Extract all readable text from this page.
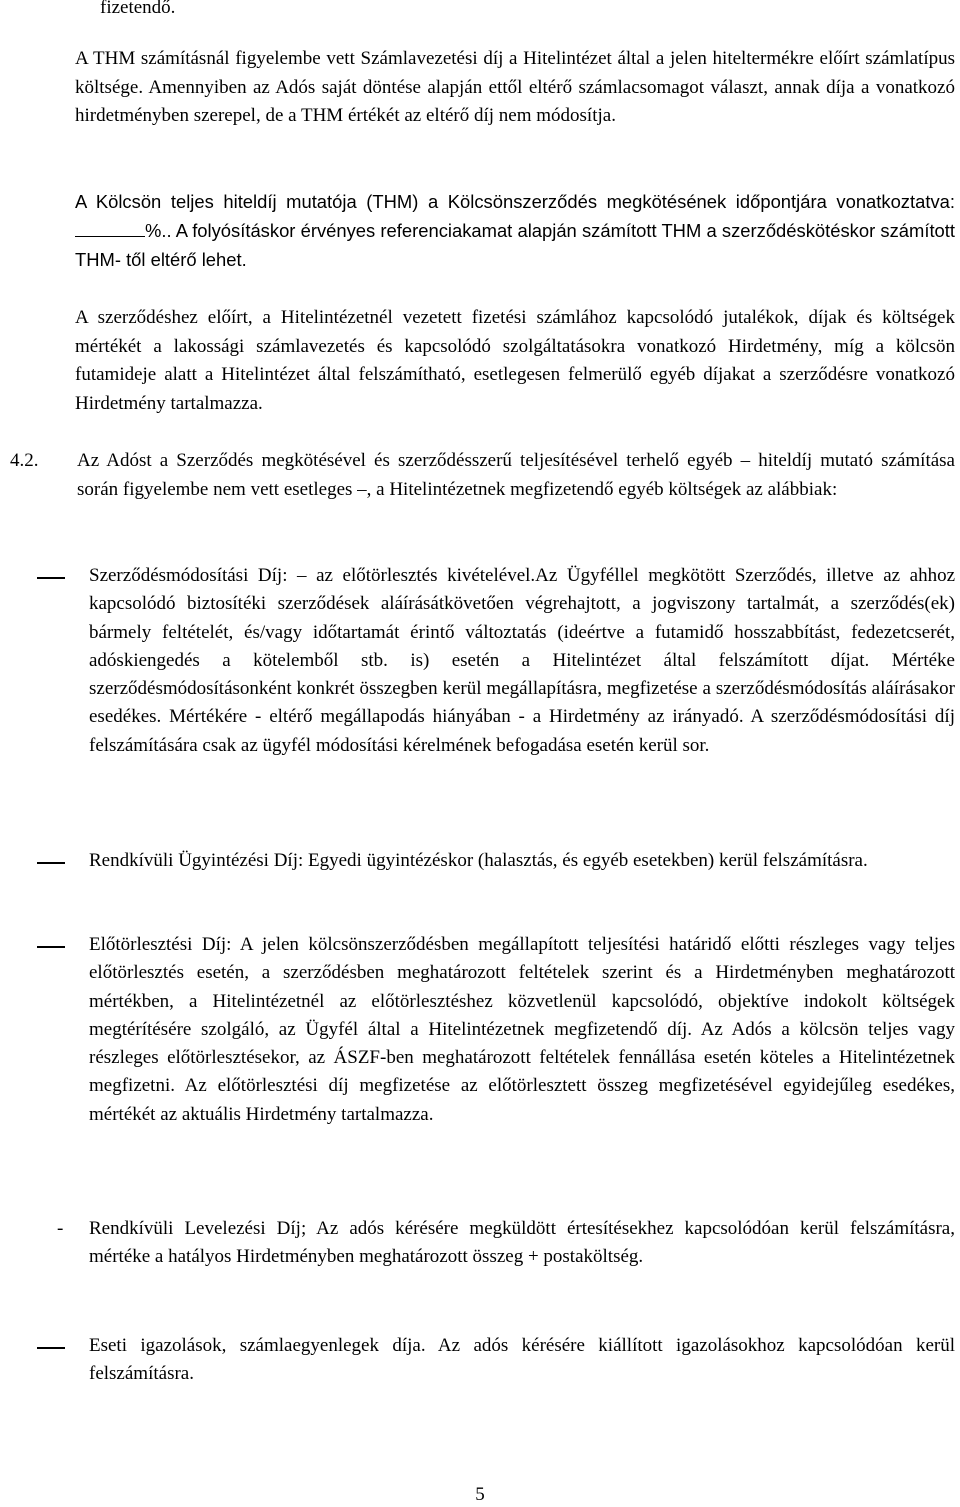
fizetendő.

A THM számításnál figyelembe vett Számlavezetési díj a Hitelintézet által a jelen hiteltermékre előírt számlatípus költsége. Amennyiben az Adós saját döntése alapján ettől eltérő számlacsomagot választ, annak díja a vonatkozó hirdetményben szerepel, de a THM értékét az eltérő díj nem módosítja.

A Kölcsön teljes hiteldíj mutatója (THM) a Kölcsönszerződés megkötésének időpontjára vonatkoztatva: %.. A folyósításkor érvényes referenciakamat alapján számított THM a szerződéskötéskor számított THM- től eltérő lehet.

A szerződéshez előírt, a Hitelintézetnél vezetett fizetési számlához kapcsolódó jutalékok, díjak és költségek mértékét a lakossági számlavezetés és kapcsolódó szolgáltatásokra vonatkozó Hirdetmény, míg a kölcsön futamideje alatt a Hitelintézet által felszámítható, esetlegesen felmerülő egyéb díjakat a szerződésre vonatkozó Hirdetmény tartalmazza.

4.2. Az Adóst a Szerződés megkötésével és szerződésszerű teljesítésével terhelő egyéb – hiteldíj mutató számítása során figyelembe nem vett esetleges –, a Hitelintézetnek megfizetendő egyéb költségek az alábbiak:

Szerződésmódosítási Díj: – az előtörlesztés kivételével.Az Ügyféllel megkötött Szerződés, illetve az ahhoz kapcsolódó biztosítéki szerződések aláírásátkövetően végrehajtott, a jogviszony tartalmát, a szerződés(ek) bármely feltételét, és/vagy időtartamát érintő változtatás (ideértve a futamidő hosszabbítást, fedezetcserét, adóskiengedés a kötelemből stb. is) esetén a Hitelintézet által felszámított díjat. Mértéke szerződésmódosításonként konkrét összegben kerül megállapításra, megfizetése a szerződésmódosítás aláírásakor esedékes. Mértékére - eltérő megállapodás hiányában - a Hirdetmény az irányadó. A szerződésmódosítási díj felszámítására csak az ügyfél módosítási kérelmének befogadása esetén kerül sor.

Rendkívüli Ügyintézési Díj: Egyedi ügyintézéskor (halasztás, és egyéb esetekben) kerül felszámításra.

Előtörlesztési Díj: A jelen kölcsönszerződésben megállapított teljesítési határidő előtti részleges vagy teljes előtörlesztés esetén, a szerződésben meghatározott feltételek szerint és a Hirdetményben meghatározott mértékben, a Hitelintézetnél az előtörlesztéshez közvetlenül kapcsolódó, objektíve indokolt költségek megtérítésére szolgáló, az Ügyfél által a Hitelintézetnek megfizetendő díj. Az Adós a kölcsön teljes vagy részleges előtörlesztésekor, az ÁSZF-ben meghatározott feltételek fennállása esetén köteles a Hitelintézetnek megfizetni. Az előtörlesztési díj megfizetése az előtörlesztett összeg megfizetésével egyidejűleg esedékes, mértékét az aktuális Hirdetmény tartalmazza.

-	Rendkívüli Levelezési Díj; Az adós kérésére megküldött értesítésekhez kapcsolódóan kerül felszámításra, mértéke a hatályos Hirdetményben meghatározott összeg + postaköltség.

Eseti igazolások, számlaegyenlegek díja. Az adós kérésére kiállított igazolásokhoz kapcsolódóan kerül felszámításra.

5
